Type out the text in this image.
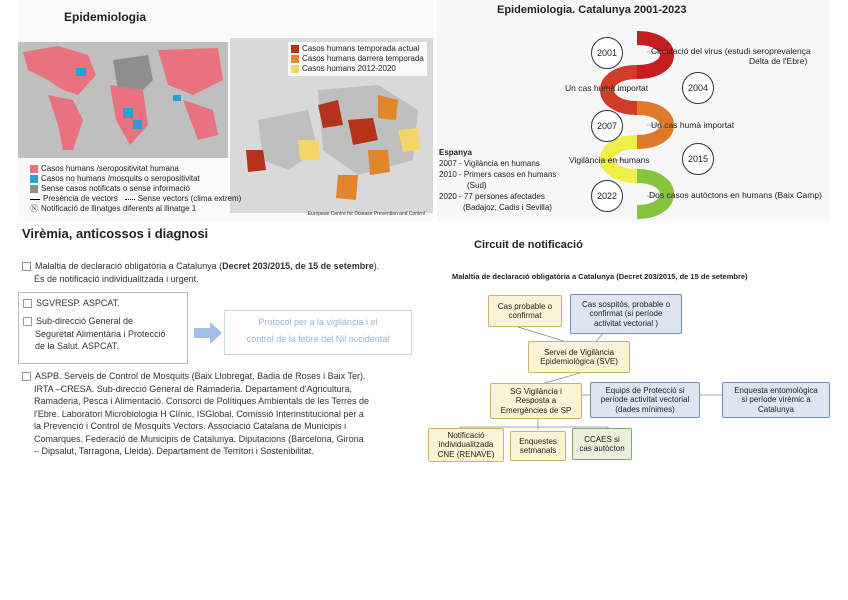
Epidemiologia
Casos humans temporada actual
Casos humans darrera temporada
Casos humans 2012-2020
Casos humans /seropositivitat humana
Casos no humans /mosquits o seropositivitat
Sense casos notificats o sense informació
Presència de vectors	Sense vectors (clima extrem)
Ⓝ Notificació de llinatges diferents al llinatge 1
European Centre for Disease Prevention and Control
Epidemiologia. Catalunya 2001-2023
2001
2004
2007
2015
2022
Circulació del virus (estudi seroprevalença
Delta de l'Ebre)
Un cas humà importat
Un cas humà importat
Vigilància en humans
Dos casos autòctons en humans (Baix Camp)
Espanya
2007 - Vigilància en humans
2010 - Primers casos en humans
(Sud)
2020 - 77 persones afectades
(Badajoz, Cadis i Sevilla)
Virèmia, anticossos i diagnosi
Malaltia de declaració obligatòria a Catalunya (Decret 203/2015, de 15 de setembre).
És de notificació individualitzada i urgent.
SGVRESP. ASPCAT.
Sub-direcció General de
Seguretat Alimentària i Protecció
de la Salut. ASPCAT.
Protocol per a la vigilància i el
control de la febre del Nil occidental
ASPB. Serveis de Control de Mosquits (Baix Llobregat, Badia de Roses i Baix Ter).
IRTA –CRESA. Sub-direcció General de Ramaderia. Departament d'Agricultura,
Ramaderia, Pesca i Alimentació. Consorci de Polítiques Ambientals de les Terres de
l'Ebre. Laboratori Microbiologia H Clínic, ISGlobal. Comissió Interinstitucional per a
la Prevenció i Control de Mosquits Vectors. Associació Catalana de Municipis i
Comarques. Federació de Municipis de Catalunya. Diputacions (Barcelona, Girona
– Dipsalut, Tarragona, Lleida). Departament de Territori i Sostenibilitat.
Circuit de notificació
Malaltia de declaració obligatòria a Catalunya (Decret 203/2015, de 15 de setembre)
Cas probable o
confirmat
Cas sospitós, probable o
confirmat (si període
activitat vectorial )
Servei de Vigilància
Epidemiològica (SVE)
SG Vigilància i
Resposta a
Emergències de SP
Equips de Protecció si
període activitat vectorial
(dades mínimes)
Enquesta entomològica
si període virèmic a
Catalunya
Notificació
individualitzada
CNE (RENAVE)
Enquestes
setmanals
CCAES si
cas autòcton
